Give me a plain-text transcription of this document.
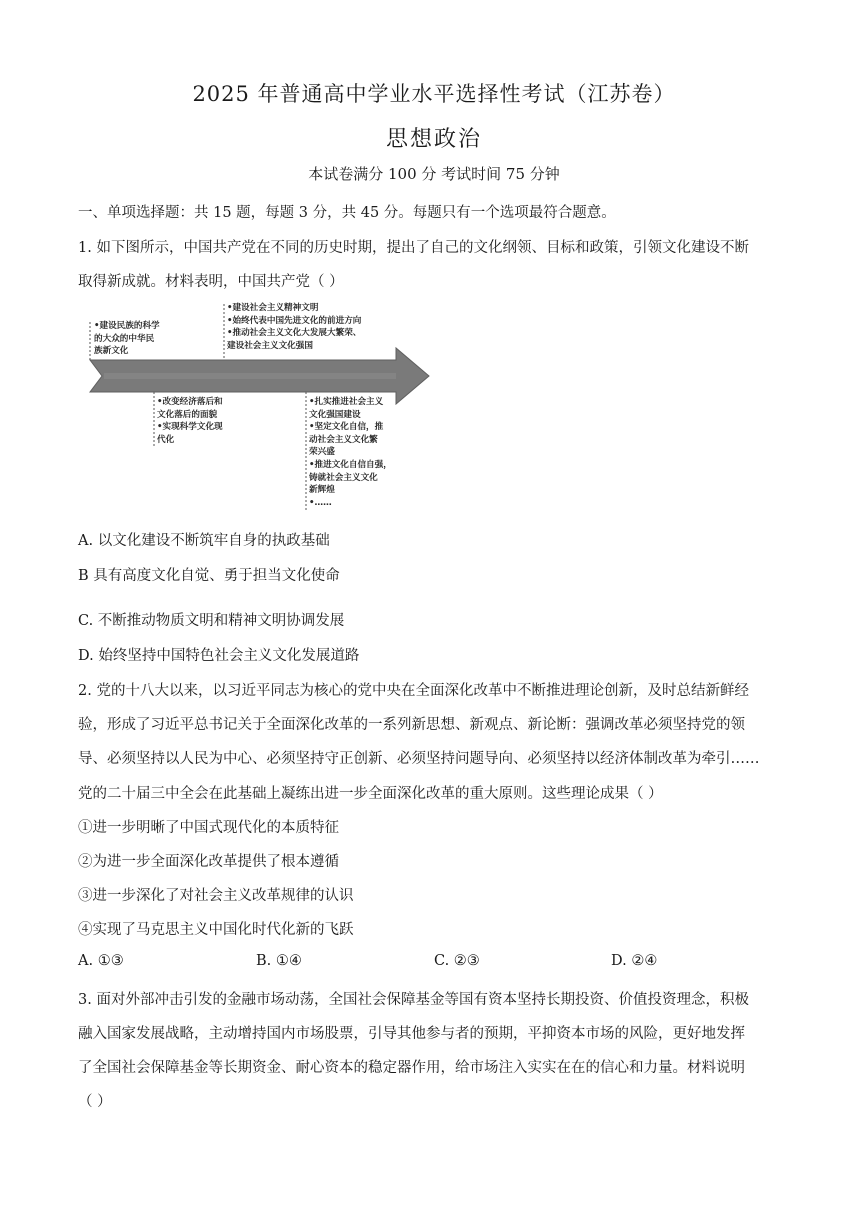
2025 年普通高中学业水平选择性考试（江苏卷）
思想政治
本试卷满分 100 分 考试时间 75 分钟
一、单项选择题：共 15 题，每题 3 分，共 45 分。每题只有一个选项最符合题意。
1. 如下图所示，中国共产党在不同的历史时期，提出了自己的文化纲领、目标和政策，引领文化建设不断
取得新成就。材料表明，中国共产党（ ）
•建设民族的科学
的大众的中华民
族新文化
•建设社会主义精神文明
•始终代表中国先进文化的前进方向
•推动社会主义文化大发展大繁荣、
建设社会主义文化强国
•改变经济落后和
文化落后的面貌
•实现科学文化现
代化
•扎实推进社会主义
文化强国建设
•坚定文化自信，推
动社会主义文化繁
荣兴盛
•推进文化自信自强，
铸就社会主义文化
新辉煌
•……
A. 以文化建设不断筑牢自身的执政基础
B 具有高度文化自觉、勇于担当文化使命
C. 不断推动物质文明和精神文明协调发展
D. 始终坚持中国特色社会主义文化发展道路
2. 党的十八大以来，以习近平同志为核心的党中央在全面深化改革中不断推进理论创新，及时总结新鲜经
验，形成了习近平总书记关于全面深化改革的一系列新思想、新观点、新论断：强调改革必须坚持党的领
导、必须坚持以人民为中心、必须坚持守正创新、必须坚持问题导向、必须坚持以经济体制改革为牵引……
党的二十届三中全会在此基础上凝练出进一步全面深化改革的重大原则。这些理论成果（ ）
①进一步明晰了中国式现代化的本质特征
②为进一步全面深化改革提供了根本遵循
③进一步深化了对社会主义改革规律的认识
④实现了马克思主义中国化时代化新的飞跃
A. ①③	B. ①④	C. ②③	D. ②④
3. 面对外部冲击引发的金融市场动荡，全国社会保障基金等国有资本坚持长期投资、价值投资理念，积极
融入国家发展战略，主动增持国内市场股票，引导其他参与者的预期，平抑资本市场的风险，更好地发挥
了全国社会保障基金等长期资金、耐心资本的稳定器作用，给市场注入实实在在的信心和力量。材料说明
（ ）
